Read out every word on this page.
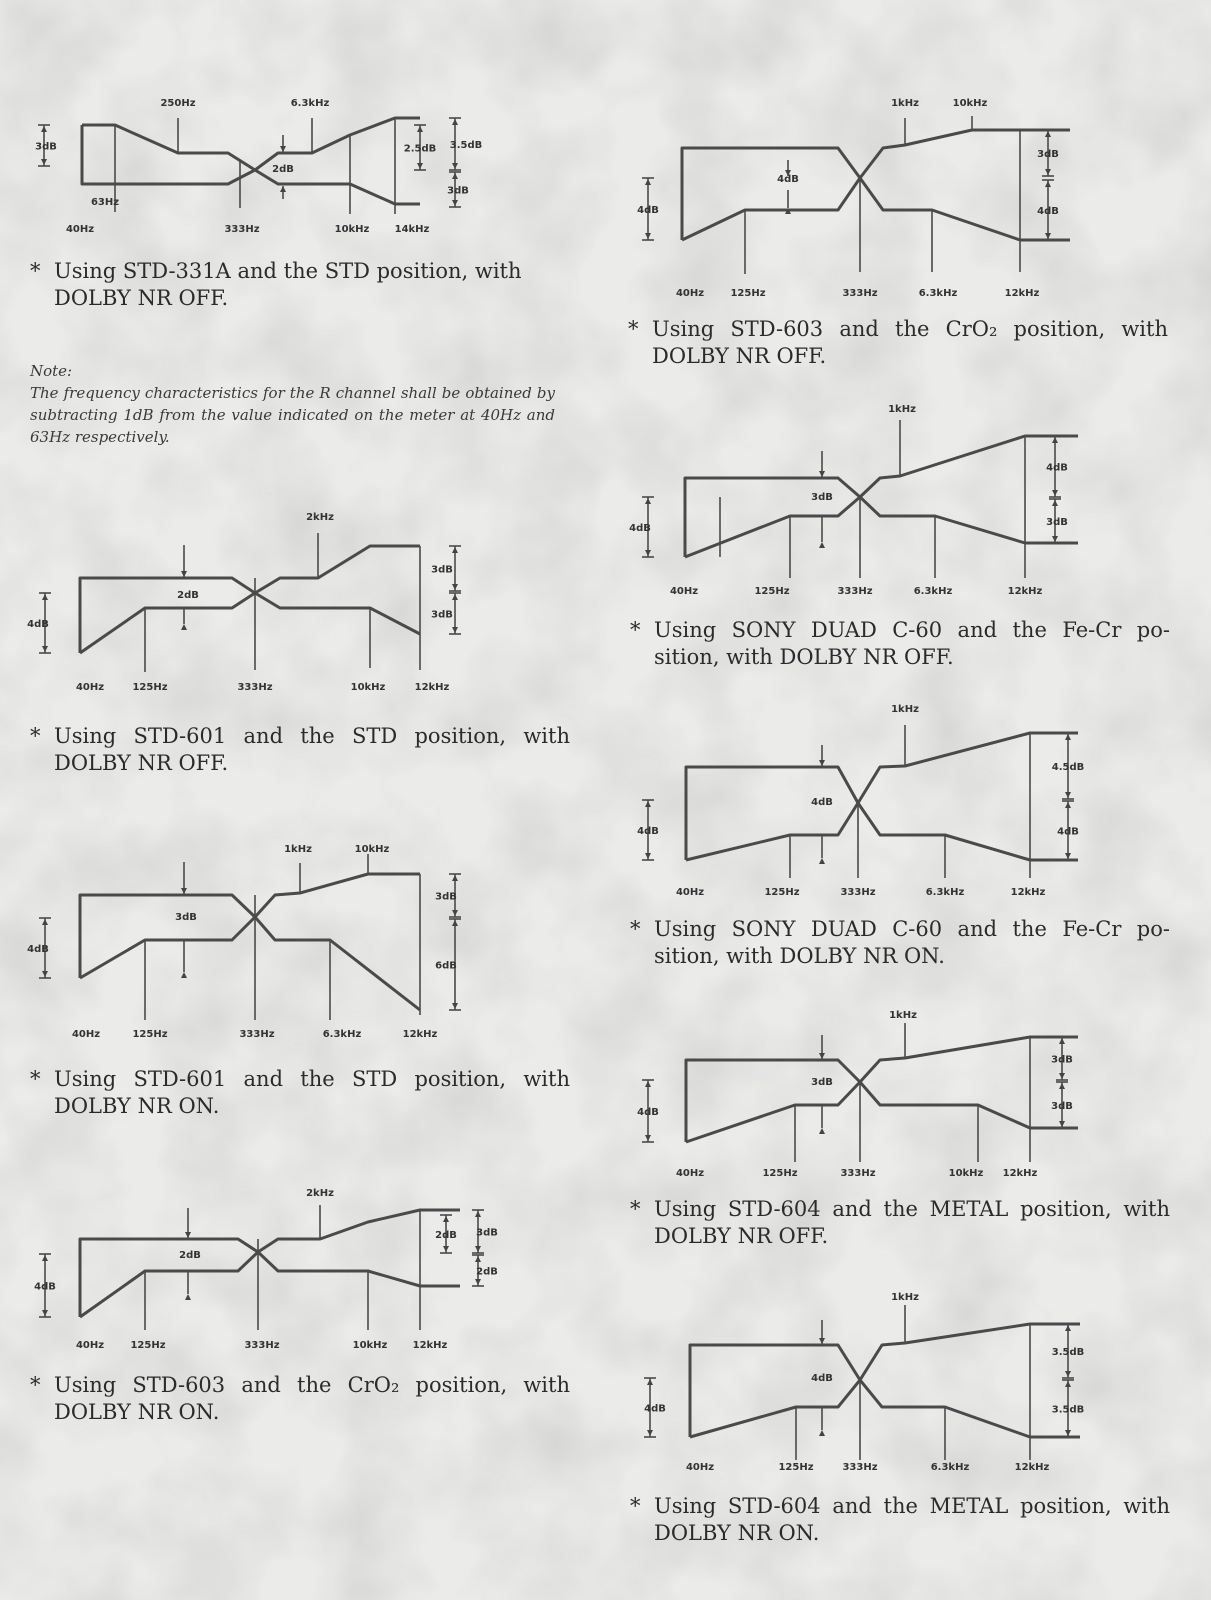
250Hz	6.3kHz
40Hz
63Hz
333Hz	10kHz	14kHz
3dB
2dB
2.5dB 3.5dB
3dB
2kHz
40Hz	125Hz	333Hz	10kHz	12kHz
4dB
3dB
3dB
2dB
1kHz	10kHz
40Hz	125Hz	333Hz	6.3kHz	12kHz
4dB
3dB
6dB
3dB
2kHz
40Hz	125Hz	333Hz	10kHz	12kHz
4dB
2dB 3dB
2dB
2dB
1kHz	10kHz
40Hz	125Hz	333Hz	6.3kHz	12kHz
4dB
3dB
4dB
4dB
1kHz
40Hz	125Hz	333Hz	6.3kHz	12kHz
4dB
4dB
3dB
3dB
1kHz
40Hz	125Hz	333Hz	6.3kHz	12kHz
4dB
4.5dB
4dB
4dB
1kHz
40Hz	125Hz	333Hz	10kHz 12kHz
4dB
3dB
3dB
3dB
1kHz
40Hz	125Hz	333Hz	6.3kHz	12kHz
4dB
3.5dB
3.5dB
4dB
* Using STD-331A and the STD position, with
DOLBY NR OFF.
Note:
The frequency characteristics for the R channel shall be obtained by subtracting 1dB from the value indicated on the meter at 40Hz and 63Hz respectively.
* Using STD-601 and the STD position, with
DOLBY NR OFF.
* Using STD-601 and the STD position, with
DOLBY NR ON.
* Using STD-603 and the CrO₂ position, with
DOLBY NR ON.
* Using STD-603 and the CrO₂ position, with
DOLBY NR OFF.
* Using SONY DUAD C-60 and the Fe-Cr po-
sition, with DOLBY NR OFF.
* Using SONY DUAD C-60 and the Fe-Cr po-
sition, with DOLBY NR ON.
* Using STD-604 and the METAL position, with
DOLBY NR OFF.
* Using STD-604 and the METAL position, with
DOLBY NR ON.
